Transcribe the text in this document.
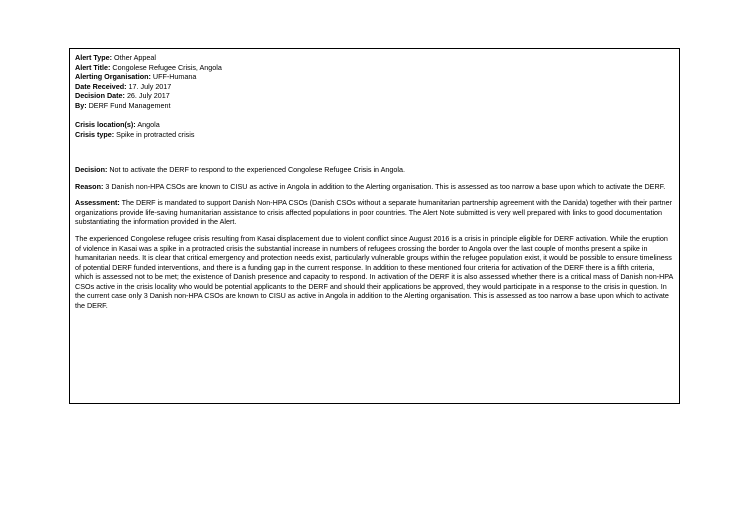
Alert Type: Other Appeal
Alert Title: Congolese Refugee Crisis, Angola
Alerting Organisation: UFF-Humana
Date Received: 17. July 2017
Decision Date: 26. July 2017
By: DERF Fund Management
Crisis location(s): Angola
Crisis type: Spike in protracted crisis

Decision: Not to activate the DERF to respond to the experienced Congolese Refugee Crisis in Angola.

Reason: 3 Danish non-HPA CSOs are known to CISU as active in Angola in addition to the Alerting organisation. This is assessed as too narrow a base upon which to activate the DERF.

Assessment: The DERF is mandated to support Danish Non-HPA CSOs (Danish CSOs without a separate humanitarian partnership agreement with the Danida) together with their partner organizations provide life-saving humanitarian assistance to crisis affected populations in poor countries. The Alert Note submitted is very well prepared with links to good documentation substantiating the information provided in the Alert.

The experienced Congolese refugee crisis resulting from Kasai displacement due to violent conflict since August 2016 is a crisis in principle eligible for DERF activation. While the eruption of violence in Kasai was a spike in a protracted crisis the substantial increase in numbers of refugees crossing the border to Angola over the last couple of months present a spike in humanitarian needs. It is clear that critical emergency and protection needs exist, particularly vulnerable groups within the refugee population exist, it would be possible to ensure timeliness of potential DERF funded interventions, and there is a funding gap in the current response. In addition to these mentioned four criteria for activation of the DERF there is a fifth criteria, which is assessed not to be met; the existence of Danish presence and capacity to respond. In activation of the DERF it is also assessed whether there is a critical mass of Danish non-HPA CSOs active in the crisis locality who would be potential applicants to the DERF and should their applications be approved, they would participate in a response to the crisis in question. In the current case only 3 Danish non-HPA CSOs are known to CISU as active in Angola in addition to the Alerting organisation. This is assessed as too narrow a base upon which to activate the DERF.
